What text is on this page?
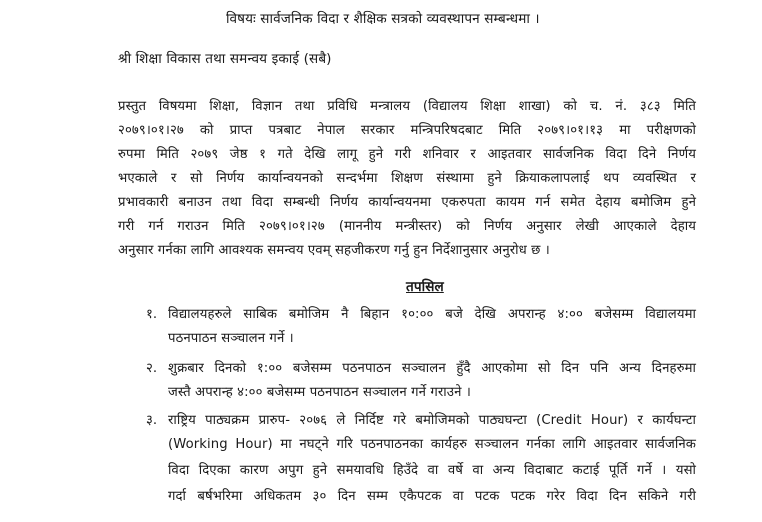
विषयः सार्वजनिक विदा र शैक्षिक सत्रको व्यवस्थापन सम्बन्धमा ।
श्री शिक्षा विकास तथा समन्वय इकाई (सबै)
प्रस्तुत विषयमा शिक्षा, विज्ञान तथा प्रविधि मन्त्रालय (विद्यालय शिक्षा शाखा) को च. नं. ३८३ मिति
२०७९।०१।२७ को प्राप्त पत्रबाट नेपाल सरकार मन्त्रिपरिषदबाट मिति २०७९।०१।१३ मा परीक्षणको
रुपमा मिति २०७९ जेष्ठ १ गते देखि लागू हुने गरी शनिवार र आइतवार सार्वजनिक विदा दिने निर्णय
भएकाले र सो निर्णय कार्यान्वयनको सन्दर्भमा शिक्षण संस्थामा हुने क्रियाकलापलाई थप व्यवस्थित र
प्रभावकारी बनाउन तथा विदा सम्बन्धी निर्णय कार्यान्वयनमा एकरुपता कायम गर्न समेत देहाय बमोजिम हुने
गरी गर्न गराउन मिति २०७९।०१।२७ (माननीय मन्त्रीस्तर) को निर्णय अनुसार लेखी आएकाले देहाय
अनुसार गर्नका लागि आवश्यक समन्वय एवम् सहजीकरण गर्नु हुन निर्देशानुसार अनुरोध छ ।
तपसिल
१. विद्यालयहरुले साबिक बमोजिम नै बिहान १०:०० बजे देखि अपरान्ह ४:०० बजेसम्म विद्यालयमा
पठनपाठन सञ्चालन गर्ने ।
२. शुक्रबार दिनको १:०० बजेसम्म पठनपाठन सञ्चालन हुँदै आएकोमा सो दिन पनि अन्य दिनहरुमा
जस्तै अपरान्ह ४:०० बजेसम्म पठनपाठन सञ्चालन गर्ने गराउने ।
३. राष्ट्रिय पाठ्यक्रम प्रारुप- २०७६ ले निर्दिष्ट गरे बमोजिमको पाठ्यघन्टा (Credit Hour) र कार्यघन्टा
(Working Hour) मा नघट्ने गरि पठनपाठनका कार्यहरु सञ्चालन गर्नका लागि आइतवार सार्वजनिक
विदा दिएका कारण अपुग हुने समयावधि हिउँदे वा वर्षे वा अन्य विदाबाट कटाई पूर्ति गर्ने । यसो
गर्दा बर्षभरिमा अधिकतम ३० दिन सम्म एकैपटक वा पटक पटक गरेर विदा दिन सकिने गरी
